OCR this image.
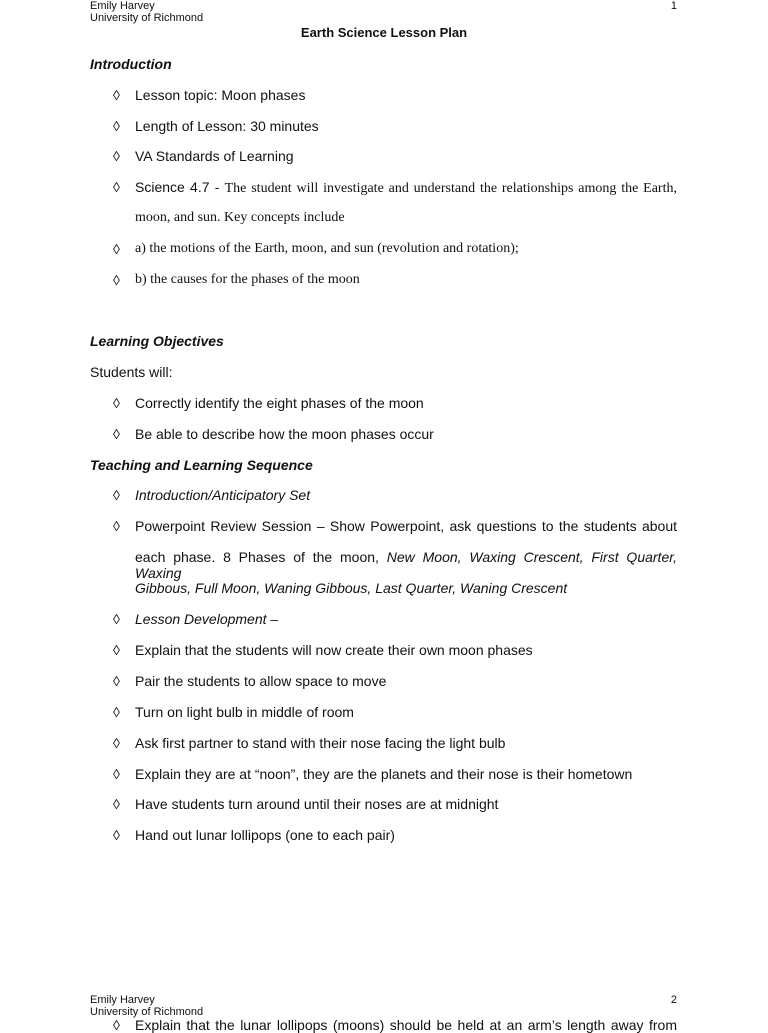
Emily Harvey
University of Richmond
1
Earth Science Lesson Plan
Introduction
◊ Lesson topic: Moon phases
◊ Length of Lesson: 30 minutes
◊ VA Standards of Learning
◊ Science 4.7 - The student will investigate and understand the relationships among the Earth,
moon, and sun. Key concepts include
◊ a) the motions of the Earth, moon, and sun (revolution and rotation);
◊ b) the causes for the phases of the moon
Learning Objectives
Students will:
◊ Correctly identify the eight phases of the moon
◊ Be able to describe how the moon phases occur
Teaching and Learning Sequence
◊ Introduction/Anticipatory Set
◊ Powerpoint Review Session – Show Powerpoint, ask questions to the students about
each phase. 8 Phases of the moon, New Moon, Waxing Crescent, First Quarter, Waxing
Gibbous, Full Moon, Waning Gibbous, Last Quarter, Waning Crescent
◊ Lesson Development –
◊ Explain that the students will now create their own moon phases
◊ Pair the students to allow space to move
◊ Turn on light bulb in middle of room
◊ Ask first partner to stand with their nose facing the light bulb
◊ Explain they are at “noon”, they are the planets and their nose is their hometown
◊ Have students turn around until their noses are at midnight
◊ Hand out lunar lollipops (one to each pair)
Emily Harvey
University of Richmond
2
◊ Explain that the lunar lollipops (moons) should be held at an arm’s length away from
